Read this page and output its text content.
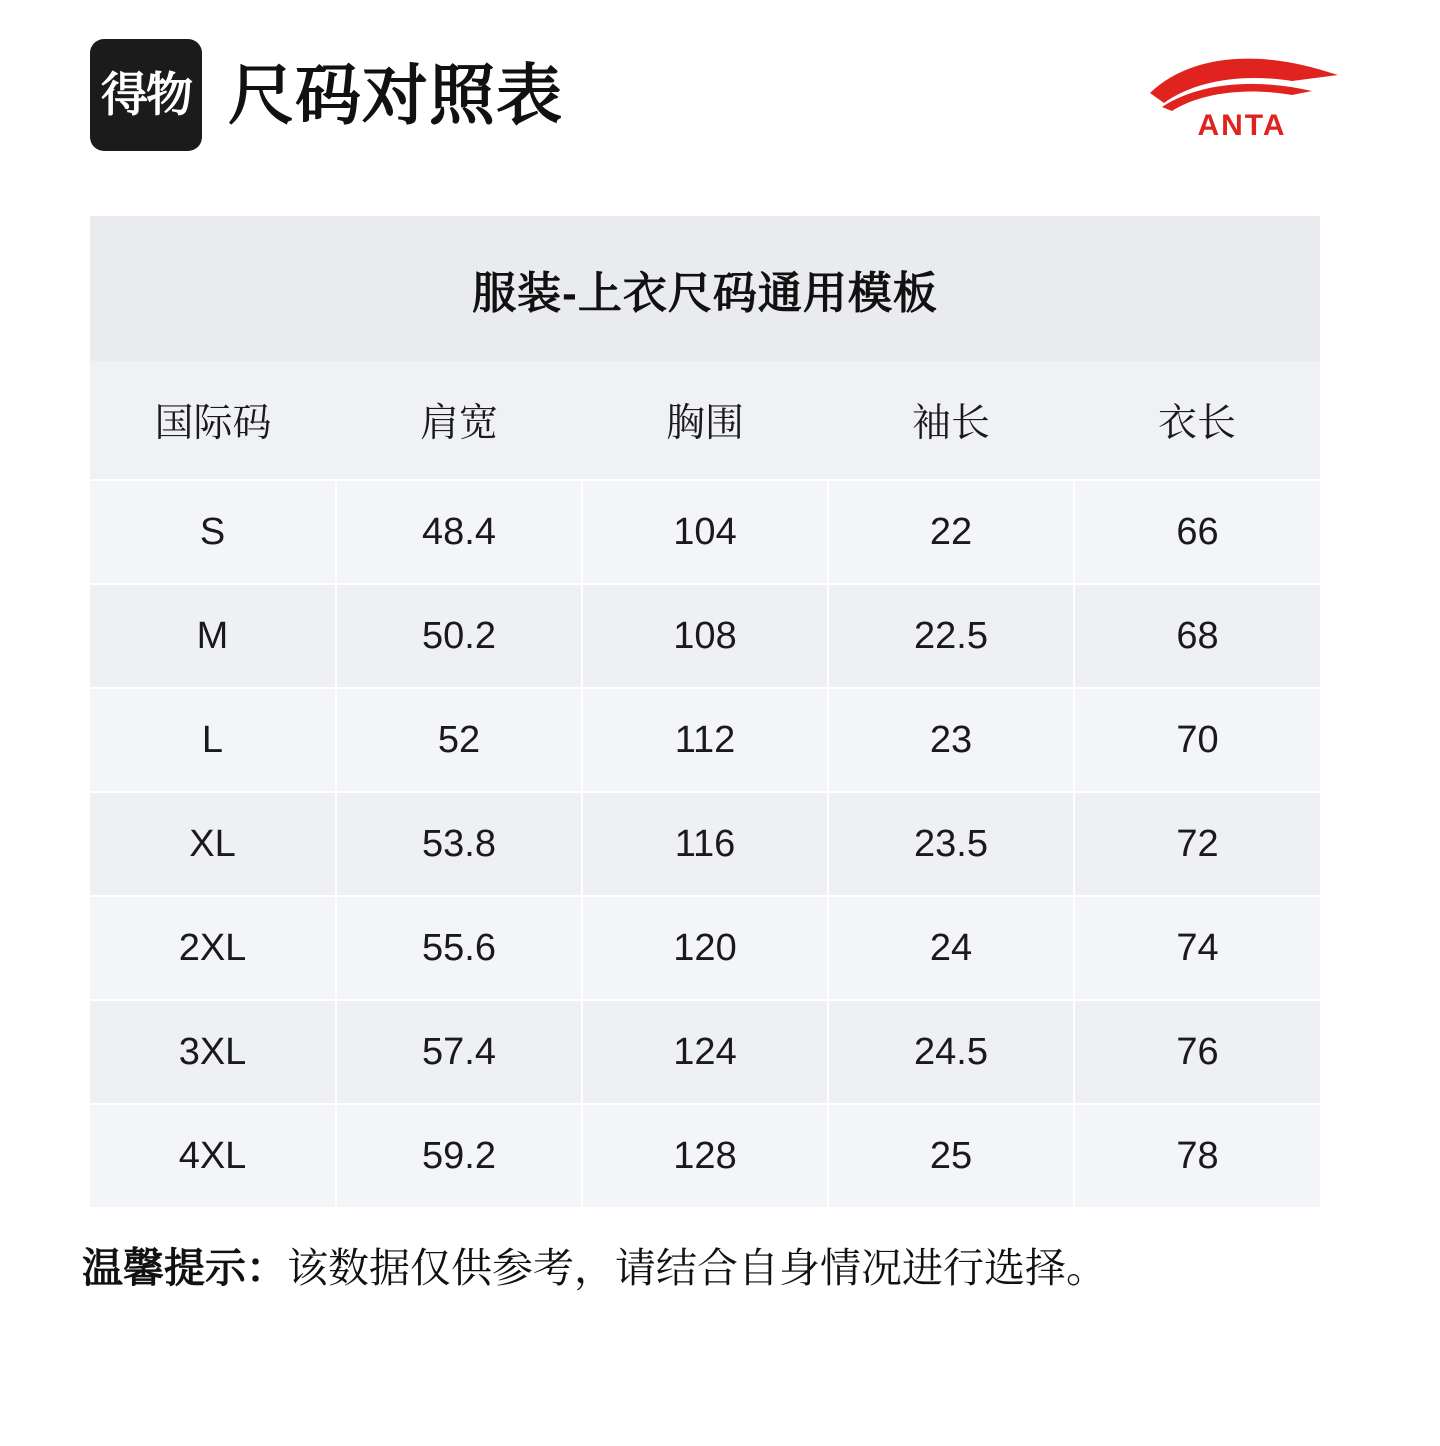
得物 尺码对照表	ANTA
服装-上衣尺码通用模板
国际码	肩宽	胸围	袖长	衣长
S	48.4	104	22	66
M	50.2	108	22.5	68
L	52	112	23	70
XL	53.8	116	23.5	72
2XL	55.6	120	24	74
3XL	57.4	124	24.5	76
4XL	59.2	128	25	78
温馨提示：该数据仅供参考，请结合自身情况进行选择。
